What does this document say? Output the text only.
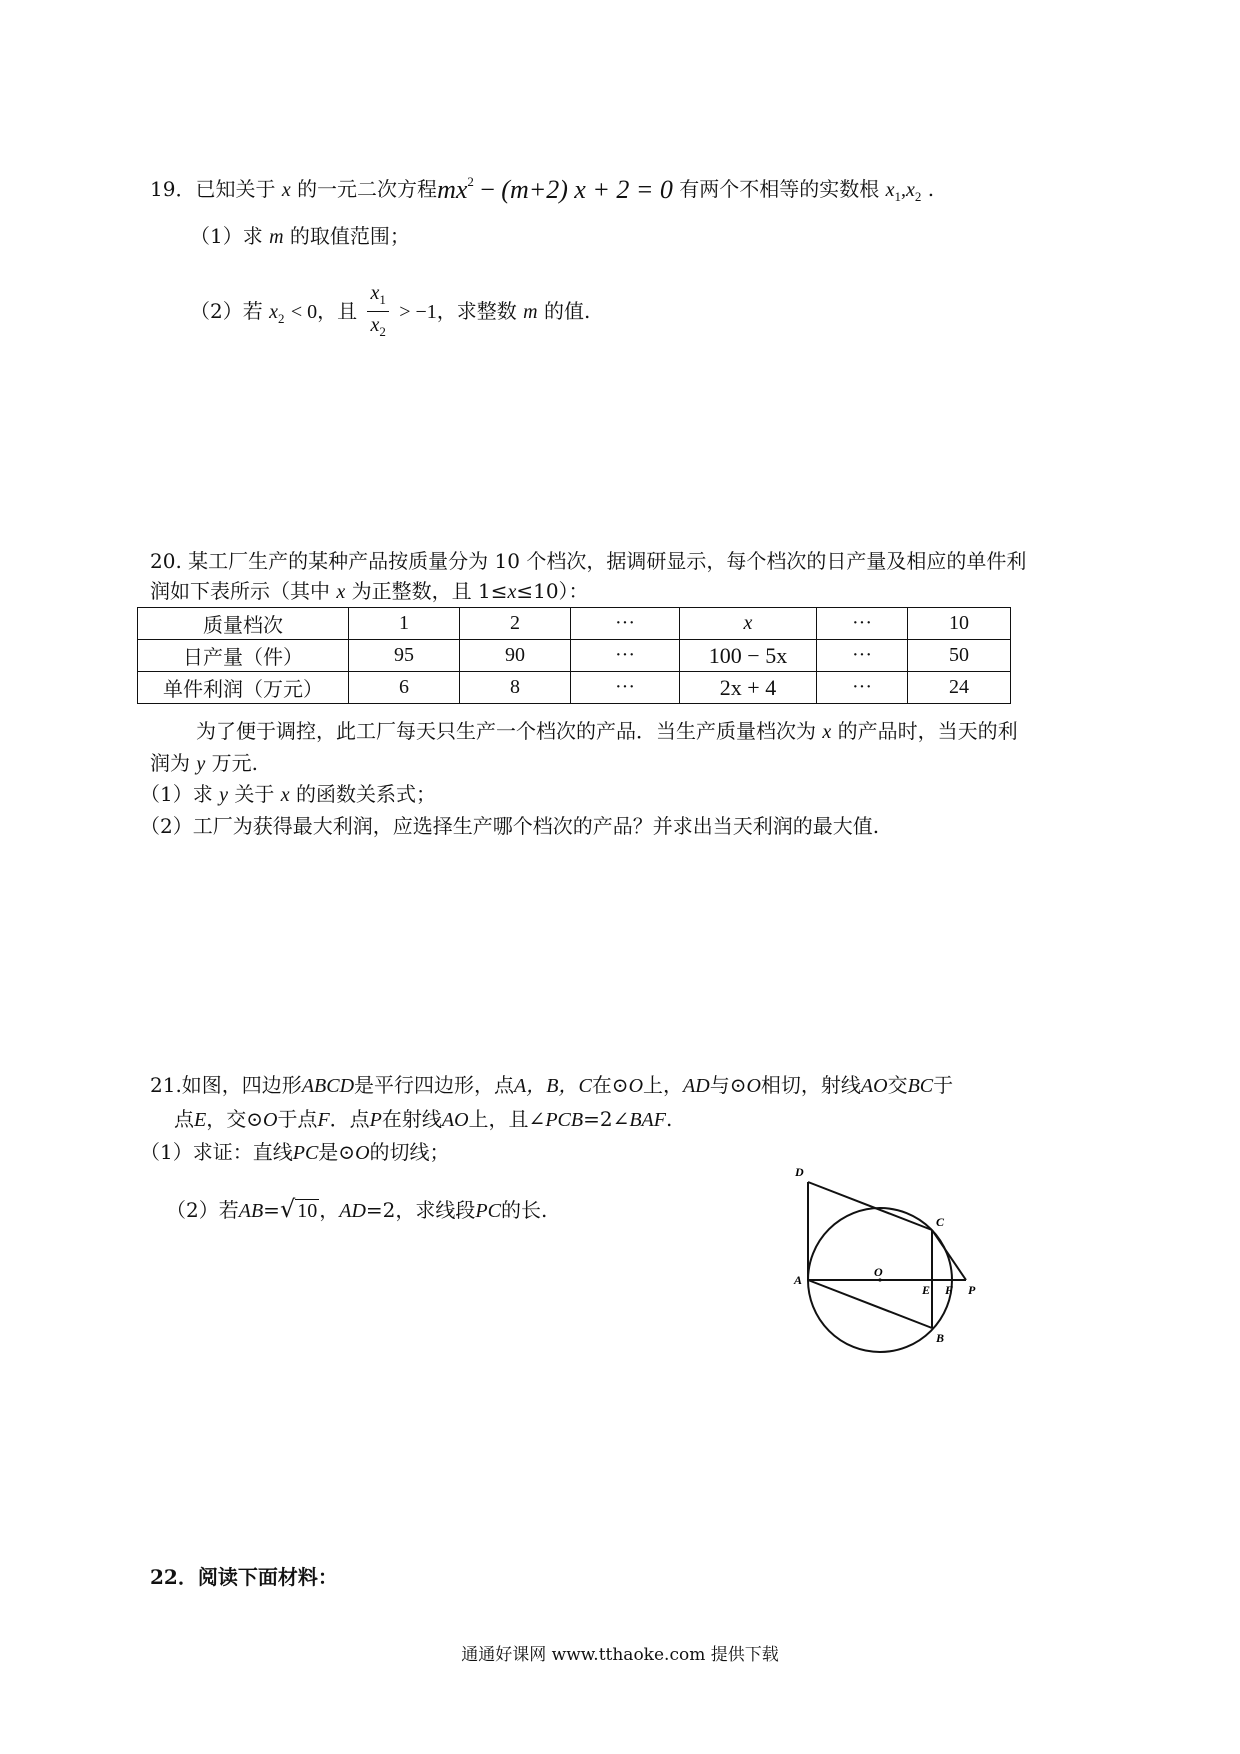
19．已知关于 x 的一元二次方程$mx^2 - (m+2) x + 2 = 0$ 有两个不相等的实数根 $x_1,x_2$ .
（1）求 m 的取值范围；
（2）若 $x_2 < 0$，且 $\frac{x_1}{x_2} > -1$，求整数 m 的值.
20. 某工厂生产的某种产品按质量分为 10 个档次，据调研显示，每个档次的日产量及相应的单件利
润如下表所示（其中 x 为正整数，且 1≤x≤10）：
质量档次	1	2	···	x	···	10
日产量（件）	95	90	···	100 − 5x	···	50
单件利润（万元）	6	8	···	2x + 4	···	24
为了便于调控，此工厂每天只生产一个档次的产品．当生产质量档次为 x 的产品时，当天的利
润为 y 万元.
（1）求 y 关于 x 的函数关系式；
（2）工厂为获得最大利润，应选择生产哪个档次的产品？并求出当天利润的最大值.
21.如图，四边形ABCD是平行四边形，点A，B，C在⊙O上，AD与⊙O相切，射线AO交BC于
点E，交⊙O于点F．点P在射线AO上，且∠PCB=2∠BAF.
（1）求证：直线PC是⊙O的切线；
（2）若AB=√ 10 ，AD=2，求线段PC的长.
D
C
A
O
E F P
B
22．阅读下面材料：
通通好课网 www.tthaoke.com 提供下载
